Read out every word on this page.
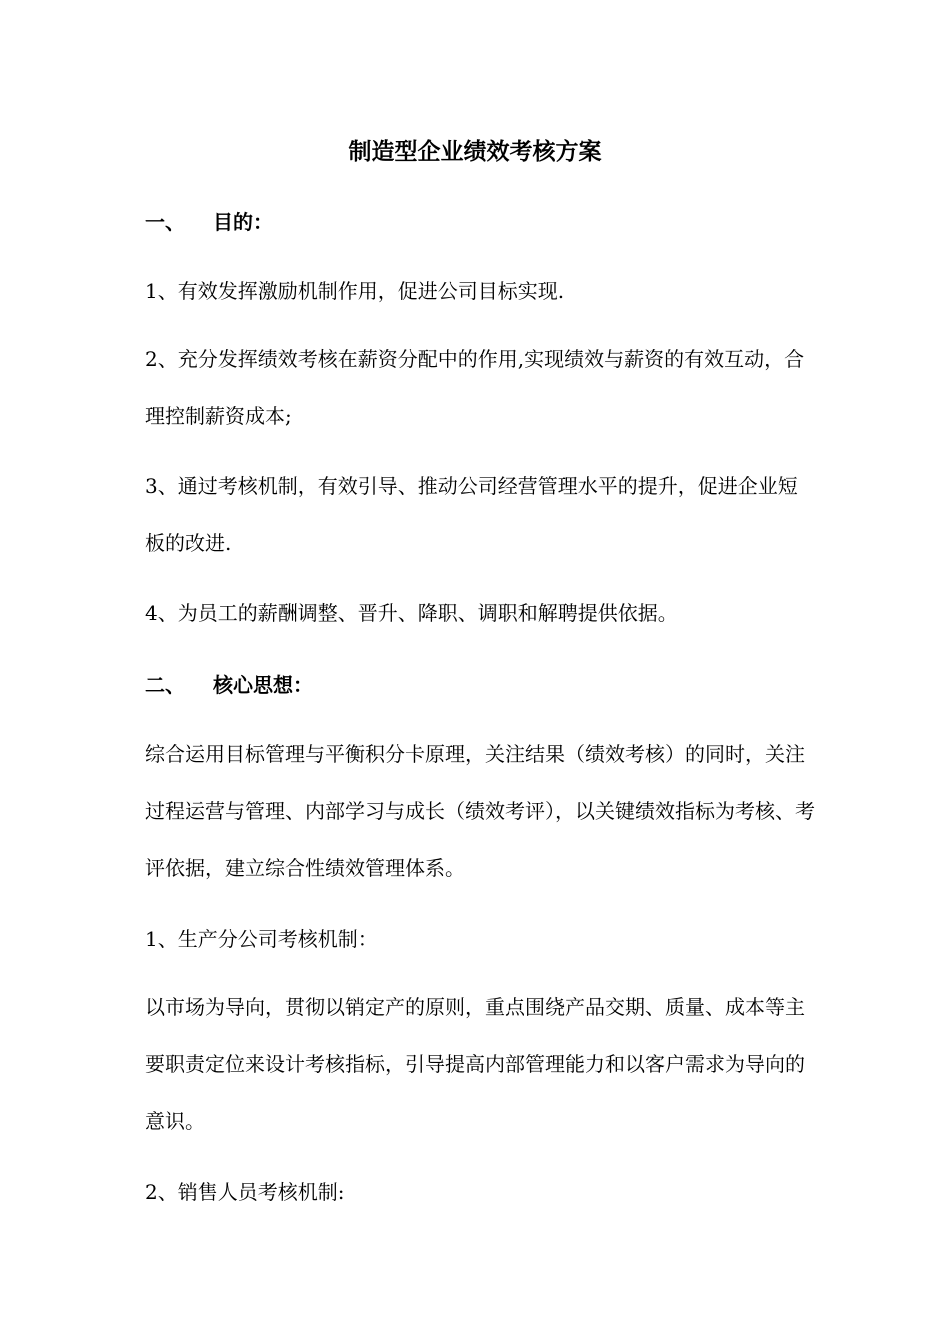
制造型企业绩效考核方案
一、 目的：
1、有效发挥激励机制作用，促进公司目标实现.
2、充分发挥绩效考核在薪资分配中的作用,实现绩效与薪资的有效互动，合理控制薪资成本;
3、通过考核机制，有效引导、推动公司经营管理水平的提升，促进企业短板的改进.
4、为员工的薪酬调整、晋升、降职、调职和解聘提供依据。
二、 核心思想：
综合运用目标管理与平衡积分卡原理，关注结果（绩效考核）的同时，关注过程运营与管理、内部学习与成长（绩效考评），以关键绩效指标为考核、考评依据，建立综合性绩效管理体系。
1、生产分公司考核机制：
以市场为导向，贯彻以销定产的原则，重点围绕产品交期、质量、成本等主要职责定位来设计考核指标，引导提高内部管理能力和以客户需求为导向的意识。
2、销售人员考核机制:
